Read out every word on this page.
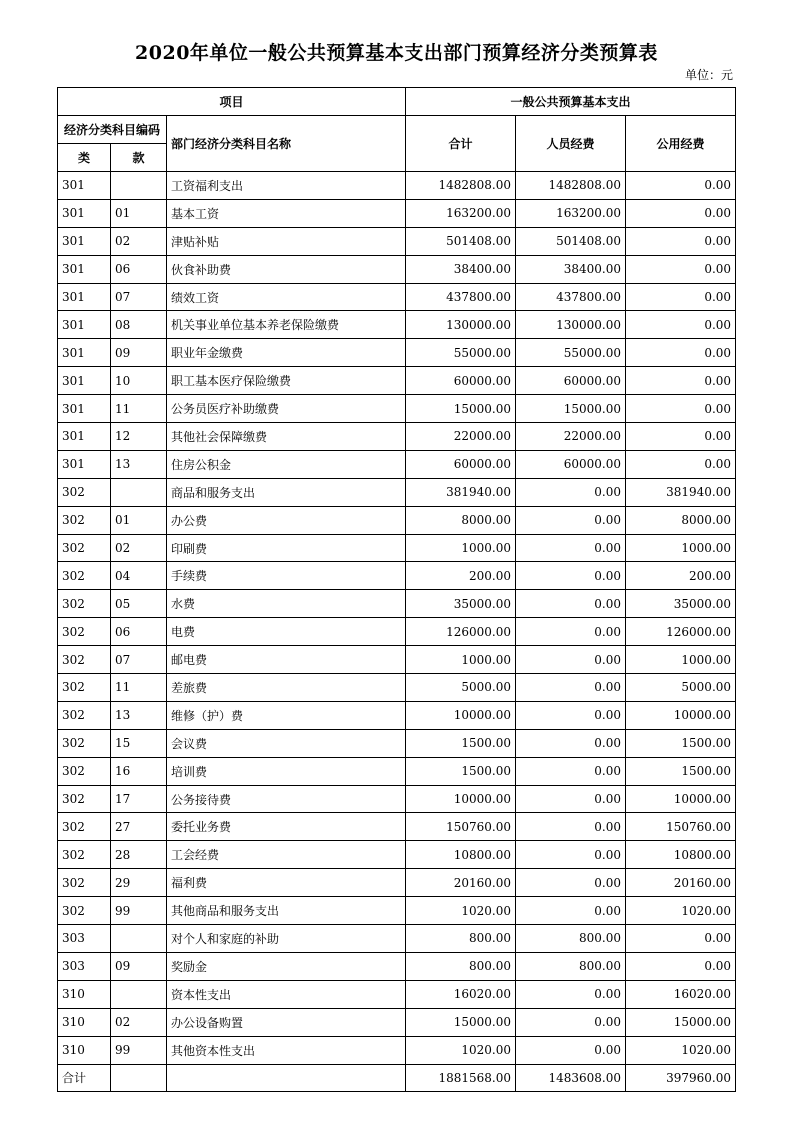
2020年单位一般公共预算基本支出部门预算经济分类预算表
单位：元
项目			一般公共预算基本支出		
经济分类科目编码		部门经济分类科目名称	合计	人员经费	公用经费
类	款				
301		工资福利支出	1482808.00	1482808.00	0.00
301	01	基本工资	163200.00	163200.00	0.00
301	02	津贴补贴	501408.00	501408.00	0.00
301	06	伙食补助费	38400.00	38400.00	0.00
301	07	绩效工资	437800.00	437800.00	0.00
301	08	机关事业单位基本养老保险缴费	130000.00	130000.00	0.00
301	09	职业年金缴费	55000.00	55000.00	0.00
301	10	职工基本医疗保险缴费	60000.00	60000.00	0.00
301	11	公务员医疗补助缴费	15000.00	15000.00	0.00
301	12	其他社会保障缴费	22000.00	22000.00	0.00
301	13	住房公积金	60000.00	60000.00	0.00
302		商品和服务支出	381940.00	0.00	381940.00
302	01	办公费	8000.00	0.00	8000.00
302	02	印刷费	1000.00	0.00	1000.00
302	04	手续费	200.00	0.00	200.00
302	05	水费	35000.00	0.00	35000.00
302	06	电费	126000.00	0.00	126000.00
302	07	邮电费	1000.00	0.00	1000.00
302	11	差旅费	5000.00	0.00	5000.00
302	13	维修（护）费	10000.00	0.00	10000.00
302	15	会议费	1500.00	0.00	1500.00
302	16	培训费	1500.00	0.00	1500.00
302	17	公务接待费	10000.00	0.00	10000.00
302	27	委托业务费	150760.00	0.00	150760.00
302	28	工会经费	10800.00	0.00	10800.00
302	29	福利费	20160.00	0.00	20160.00
302	99	其他商品和服务支出	1020.00	0.00	1020.00
303		对个人和家庭的补助	800.00	800.00	0.00
303	09	奖励金	800.00	800.00	0.00
310		资本性支出	16020.00	0.00	16020.00
310	02	办公设备购置	15000.00	0.00	15000.00
310	99	其他资本性支出	1020.00	0.00	1020.00
合计			1881568.00	1483608.00	397960.00
